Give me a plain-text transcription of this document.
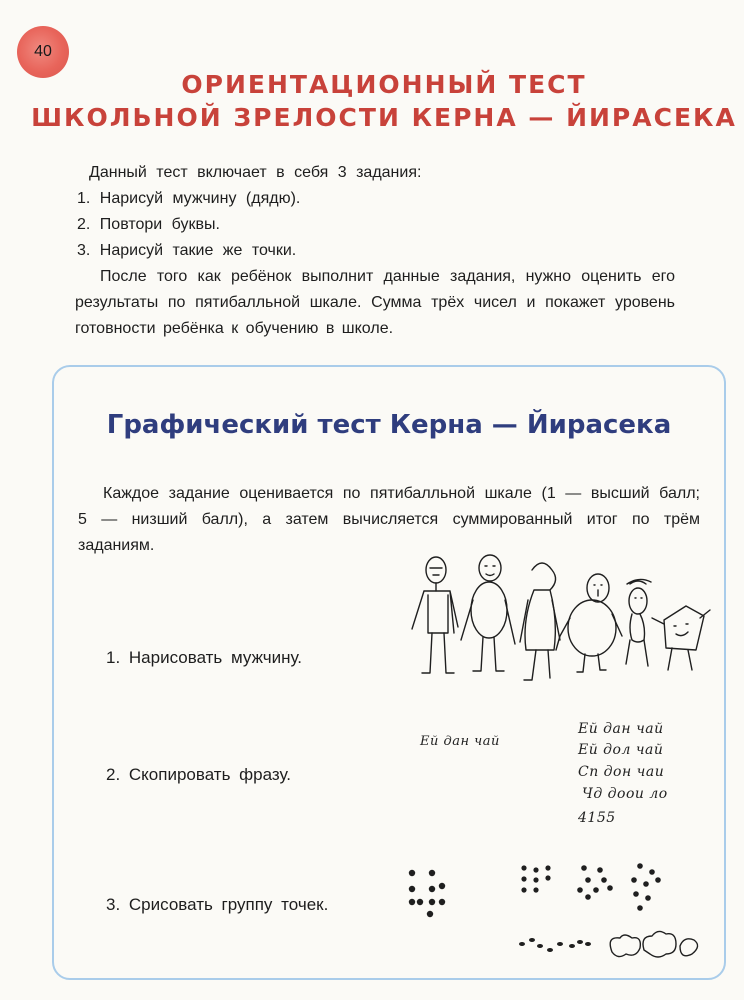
40
ОРИЕНТАЦИОННЫЙ ТЕСТ
ШКОЛЬНОЙ ЗРЕЛОСТИ КЕРНА — ЙИРАСЕКА
Данный тест включает в себя 3 задания:
1. Нарисуй мужчину (дядю).
2. Повтори буквы.
3. Нарисуй такие же точки.
После того как ребёнок выполнит данные задания, нужно оценить его результаты по пятибалльной шкале. Сумма трёх чисел и покажет уровень готовности ребёнка к обучению в школе.
Графический тест Керна — Йирасека
Каждое задание оценивается по пятибалльной шкале (1 — высший балл; 5 — низший балл), а затем вычисляется суммированный итог по трём заданиям.
1. Нарисовать мужчину.
2. Скопировать фразу.
3. Срисовать группу точек.
Ей дан чай
Ей дан чай
Ей дол чай
Сп дон чаи
Чд доои ло
4155
